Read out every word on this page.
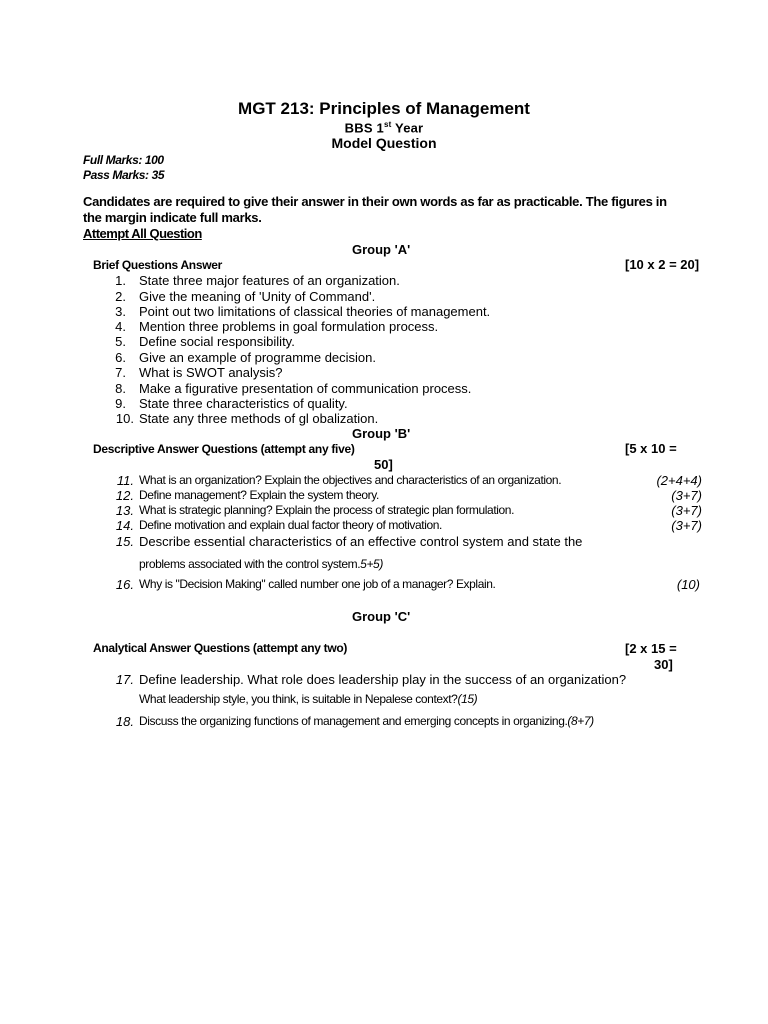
MGT 213: Principles of Management
BBS 1st Year
Model Question
Full Marks: 100
Pass Marks: 35
Candidates are required to give their answer in their own words as far as practicable. The figures in the margin indicate full marks.
Attempt All Question
Group 'A'
Brief Questions Answer	[10 x 2 = 20]
1. State three major features of an organization.
2. Give the meaning of 'Unity of Command'.
3. Point out two limitations of classical theories of management.
4. Mention three problems in goal formulation process.
5. Define social responsibility.
6. Give an example of programme decision.
7. What is SWOT analysis?
8. Make a figurative presentation of communication process.
9. State three characteristics of quality.
10. State any three methods of gl obalization.
Group 'B'
Descriptive Answer Questions (attempt any five)	[5 x 10 =
50]
11. What is an organization? Explain the objectives and characteristics of an organization.	(2+4+4)
12. Define management? Explain the system theory.	(3+7)
13. What is strategic planning? Explain the process of strategic plan formulation.	(3+7)
14. Define motivation and explain dual factor theory of motivation.	(3+7)
15. Describe essential characteristics of an effective control system and state the
problems associated with the control system.5+5)
16. Why is "Decision Making" called number one job of a manager? Explain.	(10)
Group 'C'
Analytical Answer Questions (attempt any two)	[2 x 15 =
30]
17. Define leadership. What role does leadership play in the success of an organization?
What leadership style, you think, is suitable in Nepalese context?(15)
18. Discuss the organizing functions of management and emerging concepts in organizing.(8+7)
